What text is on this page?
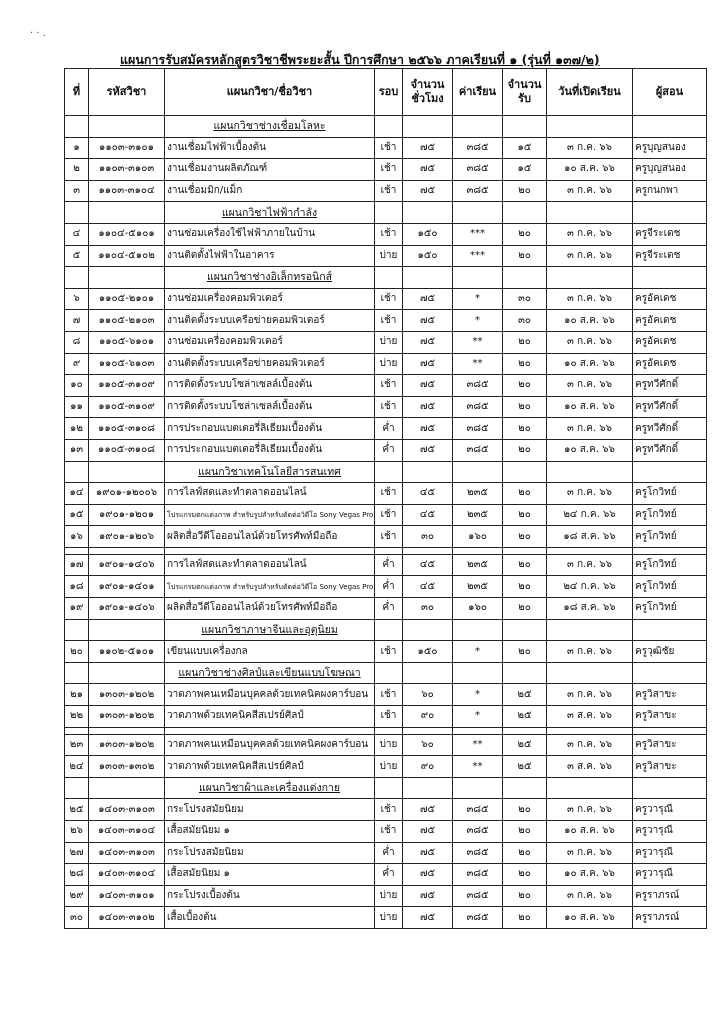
· · .
แผนการรับสมัครหลักสูตรวิชาชีพระยะสั้น ปีการศึกษา ๒๕๖๖ ภาคเรียนที่ ๑ (รุ่นที่ ๑๓๗/๒)
ที่	รหัสวิชา	แผนกวิชา/ชื่อวิชา	รอบ	จำนวนชั่วโมง	ค่าเรียน	จำนวนรับ	วันที่เปิดเรียน	ผู้สอน
		แผนกวิชาช่างเชื่อมโลหะ						
๑	๑๑๐๓-๓๑๐๑	งานเชื่อมไฟฟ้าเบื้องต้น	เช้า	๗๕	๓๘๕	๑๕	๓ ก.ค. ๖๖	ครูบุญสนอง
๒	๑๑๐๓-๓๑๐๓	งานเชื่อมงานผลิตภัณฑ์	เช้า	๗๕	๓๘๕	๑๕	๑๐ ส.ค. ๖๖	ครูบุญสนอง
๓	๑๑๐๓-๓๑๐๔	งานเชื่อมมิก/แม็ก	เช้า	๗๕	๓๘๕	๒๐	๓ ก.ค. ๖๖	ครูกนกพา
		แผนกวิชาไฟฟ้ากำลัง						
๔	๑๑๐๔-๕๑๐๑	งานซ่อมเครื่องใช้ไฟฟ้าภายในบ้าน	เช้า	๑๕๐	***	๒๐	๓ ก.ค. ๖๖	ครูจีระเดช
๕	๑๑๐๔-๕๑๐๒	งานติดตั้งไฟฟ้าในอาคาร	บ่าย	๑๕๐	***	๒๐	๓ ก.ค. ๖๖	ครูจีระเดช
		แผนกวิชาช่างอิเล็กทรอนิกส์						
๖	๑๑๐๕-๒๑๐๑	งานซ่อมเครื่องคอมพิวเตอร์	เช้า	๗๕	*	๓๐	๓ ก.ค. ๖๖	ครูอัคเดช
๗	๑๑๐๕-๒๑๐๓	งานติดตั้งระบบเครือข่ายคอมพิวเตอร์	เช้า	๗๕	*	๓๐	๑๐ ส.ค. ๖๖	ครูอัคเดช
๘	๑๑๐๕-๖๑๐๑	งานซ่อมเครื่องคอมพิวเตอร์	บ่าย	๗๕	**	๒๐	๓ ก.ค. ๖๖	ครูอัคเดช
๙	๑๑๐๕-๖๑๐๓	งานติดตั้งระบบเครือข่ายคอมพิวเตอร์	บ่าย	๗๕	**	๒๐	๑๐ ส.ค. ๖๖	ครูอัคเดช
๑๐	๑๑๐๕-๓๑๐๙	การติดตั้งระบบโซล่าเซลล์เบื้องต้น	เช้า	๗๕	๓๘๕	๒๐	๓ ก.ค. ๖๖	ครูทวีศักดิ์
๑๑	๑๑๐๕-๓๑๐๙	การติดตั้งระบบโซล่าเซลล์เบื้องต้น	เช้า	๗๕	๓๘๕	๒๐	๑๐ ส.ค. ๖๖	ครูทวีศักดิ์
๑๒	๑๑๐๕-๓๑๐๘	การประกอบแบตเตอรี่ลิเธียมเบื้องต้น	ค่ำ	๗๕	๓๘๕	๒๐	๓ ก.ค. ๖๖	ครูทวีศักดิ์
๑๓	๑๑๐๕-๓๑๐๘	การประกอบแบตเตอรี่ลิเธียมเบื้องต้น	ค่ำ	๗๕	๓๘๕	๒๐	๑๐ ส.ค. ๖๖	ครูทวีศักดิ์
		แผนกวิชาเทคโนโลยีสารสนเทศ						
๑๔	๑๙๐๑-๑๒๐๐๖	การไลฟ์สดและทำตลาดออนไลน์	เช้า	๔๕	๒๓๕	๒๐	๓ ก.ค. ๖๖	ครูโกวิทย์
๑๕	๑๙๐๑-๑๒๐๑	โปรแกรมตกแต่งภาพ สำหรับรูปสำหรับตัดต่อวิดีโอ Sony Vegas Pro	เช้า	๔๕	๒๓๕	๒๐	๒๔ ก.ค. ๖๖	ครูโกวิทย์
๑๖	๑๙๐๑-๑๒๐๖	ผลิตสื่อวีดีโอออนไลน์ด้วยโทรศัพท์มือถือ	เช้า	๓๐	๑๖๐	๒๐	๑๘ ส.ค. ๖๖	ครูโกวิทย์

๑๗	๑๙๐๑-๑๔๐๖	การไลฟ์สดและทำตลาดออนไลน์	ค่ำ	๔๕	๒๓๕	๒๐	๓ ก.ค. ๖๖	ครูโกวิทย์
๑๘	๑๙๐๑-๑๔๐๑	โปรแกรมตกแต่งภาพ สำหรับรูปสำหรับตัดต่อวิดีโอ Sony Vegas Pro	ค่ำ	๔๕	๒๓๕	๒๐	๒๔ ก.ค. ๖๖	ครูโกวิทย์
๑๙	๑๙๐๑-๑๔๐๖	ผลิตสื่อวีดีโอออนไลน์ด้วยโทรศัพท์มือถือ	ค่ำ	๓๐	๑๖๐	๒๐	๑๘ ส.ค. ๖๖	ครูโกวิทย์
		แผนกวิชาภาษาจีนและอุตุนิยม						
๒๐	๑๑๐๒-๕๑๐๑	เขียนแบบเครื่องกล	เช้า	๑๕๐	*	๒๐	๓ ก.ค. ๖๖	ครูวุฒิชัย
		แผนกวิชาช่างศิลป์และเขียนแบบโฆษณา						
๒๑	๑๓๐๓-๑๒๐๒	วาดภาพคนเหมือนบุคคลด้วยเทคนิคผงคาร์บอน	เช้า	๖๐	*	๒๕	๓ ก.ค. ๖๖	ครูวิสาขะ
๒๒	๑๓๐๓-๑๒๐๒	วาดภาพด้วยเทคนิคสีสเปรย์ศิลป์	เช้า	๙๐	*	๒๕	๓ ส.ค. ๖๖	ครูวิสาขะ

๒๓	๑๓๐๓-๑๒๐๒	วาดภาพคนเหมือนบุคคลด้วยเทคนิคผงคาร์บอน	บ่าย	๖๐	**	๒๕	๓ ก.ค. ๖๖	ครูวิสาขะ
๒๔	๑๓๐๓-๑๓๐๒	วาดภาพด้วยเทคนิคสีสเปรย์ศิลป์	บ่าย	๙๐	**	๒๕	๓ ส.ค. ๖๖	ครูวิสาขะ
		แผนกวิชาผ้าและเครื่องแต่งกาย						
๒๕	๑๔๐๓-๓๑๐๓	กระโปรงสมัยนิยม	เช้า	๗๕	๓๘๕	๒๐	๓ ก.ค. ๖๖	ครูวารุณี
๒๖	๑๔๐๓-๓๑๐๔	เสื้อสมัยนิยม ๑	เช้า	๗๕	๓๘๕	๒๐	๑๐ ส.ค. ๖๖	ครูวารุณี
๒๗	๑๔๐๓-๓๑๐๓	กระโปรงสมัยนิยม	ค่ำ	๗๕	๓๘๕	๒๐	๓ ก.ค. ๖๖	ครูวารุณี
๒๘	๑๔๐๓-๓๑๐๔	เสื้อสมัยนิยม ๑	ค่ำ	๗๕	๓๘๕	๒๐	๑๐ ส.ค. ๖๖	ครูวารุณี
๒๙	๑๔๐๓-๓๑๐๑	กระโปรงเบื้องต้น	บ่าย	๗๕	๓๘๕	๒๐	๓ ก.ค. ๖๖	ครูราภรณ์
๓๐	๑๔๐๓-๓๑๐๒	เสื้อเบื้องต้น	บ่าย	๗๕	๓๘๕	๒๐	๑๐ ส.ค. ๖๖	ครูราภรณ์
